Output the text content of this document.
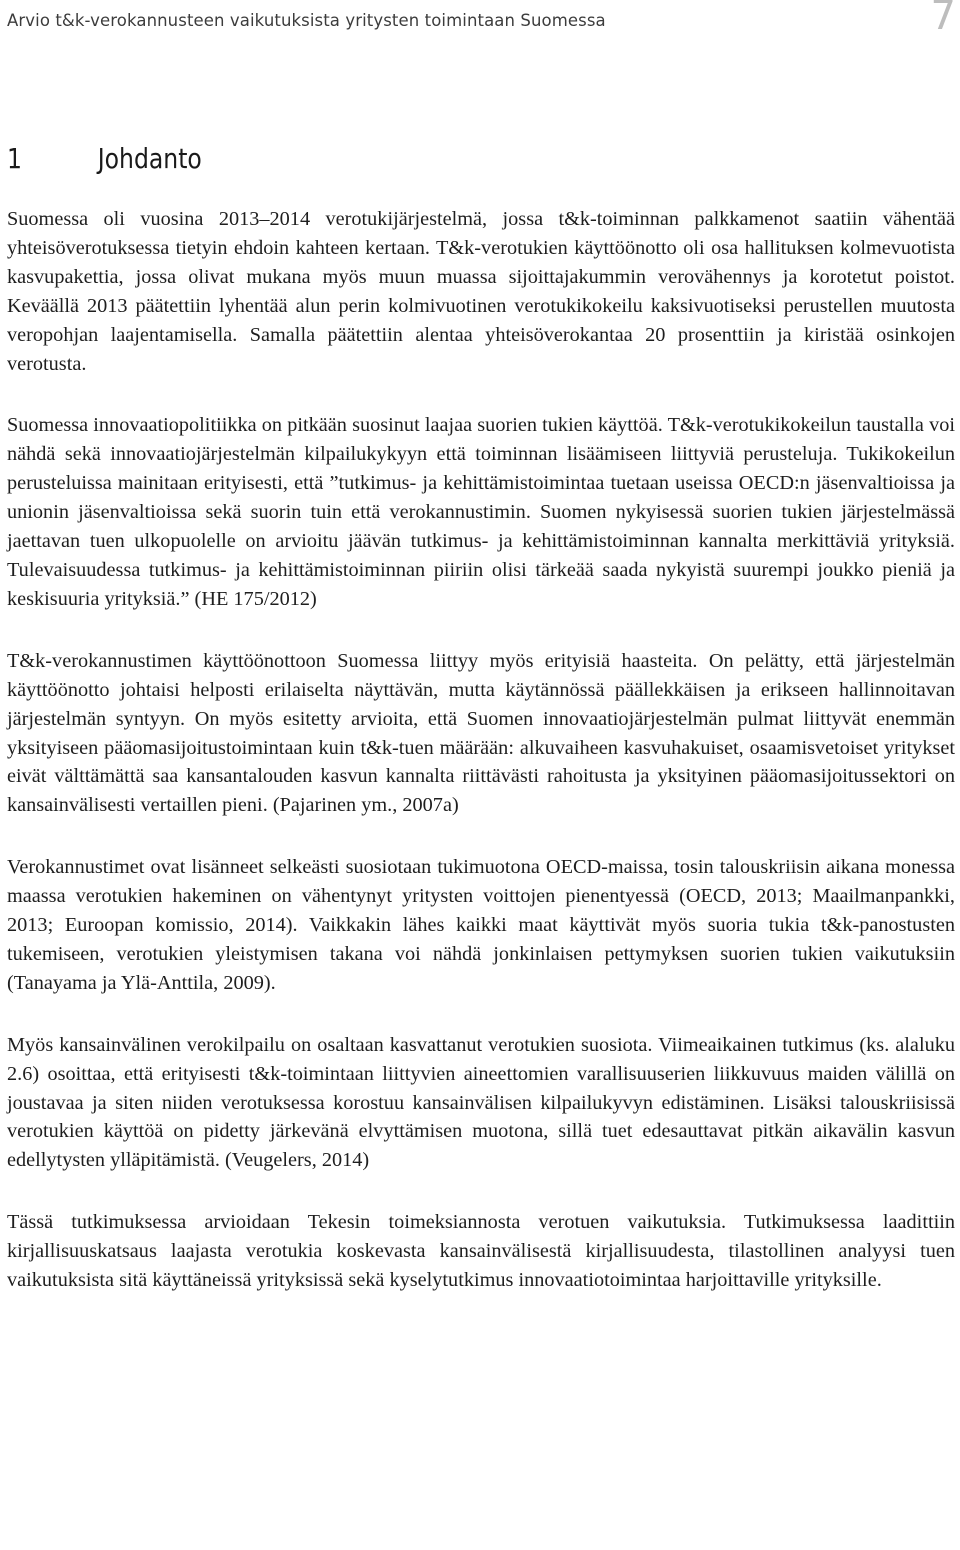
Arvio t&k-verokannusteen vaikutuksista yritysten toimintaan Suomessa	7
1	Johdanto

Suomessa oli vuosina 2013–2014 verotukijärjestelmä, jossa t&k-toiminnan palkkamenot saatiin vähentää yhteisöverotuksessa tietyin ehdoin kahteen kertaan. T&k-verotukien käyttöönotto oli osa hallituksen kolmevuotista kasvupakettia, jossa olivat mukana myös muun muassa sijoittajakummin verovähennys ja korotetut poistot. Keväällä 2013 päätettiin lyhentää alun perin kolmivuotinen verotukikokeilu kaksivuotiseksi perustellen muutosta veropohjan laajentamisella. Samalla päätettiin alentaa yhteisöverokantaa 20 prosenttiin ja kiristää osinkojen verotusta.

Suomessa innovaatiopolitiikka on pitkään suosinut laajaa suorien tukien käyttöä. T&k-verotukikokeilun taustalla voi nähdä sekä innovaatiojärjestelmän kilpailukykyyn että toiminnan lisäämiseen liittyviä perusteluja. Tukikokeilun perusteluissa mainitaan erityisesti, että ”tutkimus- ja kehittämistoimintaa tuetaan useissa OECD:n jäsenvaltioissa ja unionin jäsenvaltioissa sekä suorin tuin että verokannustimin. Suomen nykyisessä suorien tukien järjestelmässä jaettavan tuen ulkopuolelle on arvioitu jäävän tutkimus- ja kehittämistoiminnan kannalta merkittäviä yrityksiä. Tulevaisuudessa tutkimus- ja kehittämistoiminnan piiriin olisi tärkeää saada nykyistä suurempi joukko pieniä ja keskisuuria yrityksiä.” (HE 175/2012)

T&k-verokannustimen käyttöönottoon Suomessa liittyy myös erityisiä haasteita. On pelätty, että järjestelmän käyttöönotto johtaisi helposti erilaiselta näyttävän, mutta käytännössä päällekkäisen ja erikseen hallinnoitavan järjestelmän syntyyn. On myös esitetty arvioita, että Suomen innovaatiojärjestelmän pulmat liittyvät enemmän yksityiseen pääomasijoitustoimintaan kuin t&k-tuen määrään: alkuvaiheen kasvuhakuiset, osaamisvetoiset yritykset eivät välttämättä saa kansantalouden kasvun kannalta riittävästi rahoitusta ja yksityinen pääomasijoitussektori on kansainvälisesti vertaillen pieni. (Pajarinen ym., 2007a)

Verokannustimet ovat lisänneet selkeästi suosiotaan tukimuotona OECD-maissa, tosin talouskriisin aikana monessa maassa verotukien hakeminen on vähentynyt yritysten voittojen pienentyessä (OECD, 2013; Maailmanpankki, 2013; Euroopan komissio, 2014). Vaikkakin lähes kaikki maat käyttivät myös suoria tukia t&k-panostusten tukemiseen, verotukien yleistymisen takana voi nähdä jonkinlaisen pettymyksen suorien tukien vaikutuksiin (Tanayama ja Ylä-Anttila, 2009).

Myös kansainvälinen verokilpailu on osaltaan kasvattanut verotukien suosiota. Viimeaikainen tutkimus (ks. alaluku 2.6) osoittaa, että erityisesti t&k-toimintaan liittyvien aineettomien varallisuuserien liikkuvuus maiden välillä on joustavaa ja siten niiden verotuksessa korostuu kansainvälisen kilpailukyvyn edistäminen. Lisäksi talouskriisissä verotukien käyttöä on pidetty järkevänä elvyttämisen muotona, sillä tuet edesauttavat pitkän aikavälin kasvun edellytysten ylläpitämistä. (Veugelers, 2014)

Tässä tutkimuksessa arvioidaan Tekesin toimeksiannosta verotuen vaikutuksia. Tutkimuksessa laadittiin kirjallisuuskatsaus laajasta verotukia koskevasta kansainvälisestä kirjallisuudesta, tilastollinen analyysi tuen vaikutuksista sitä käyttäneissä yrityksissä sekä kyselytutkimus innovaatiotoimintaa harjoittaville yrityksille.
